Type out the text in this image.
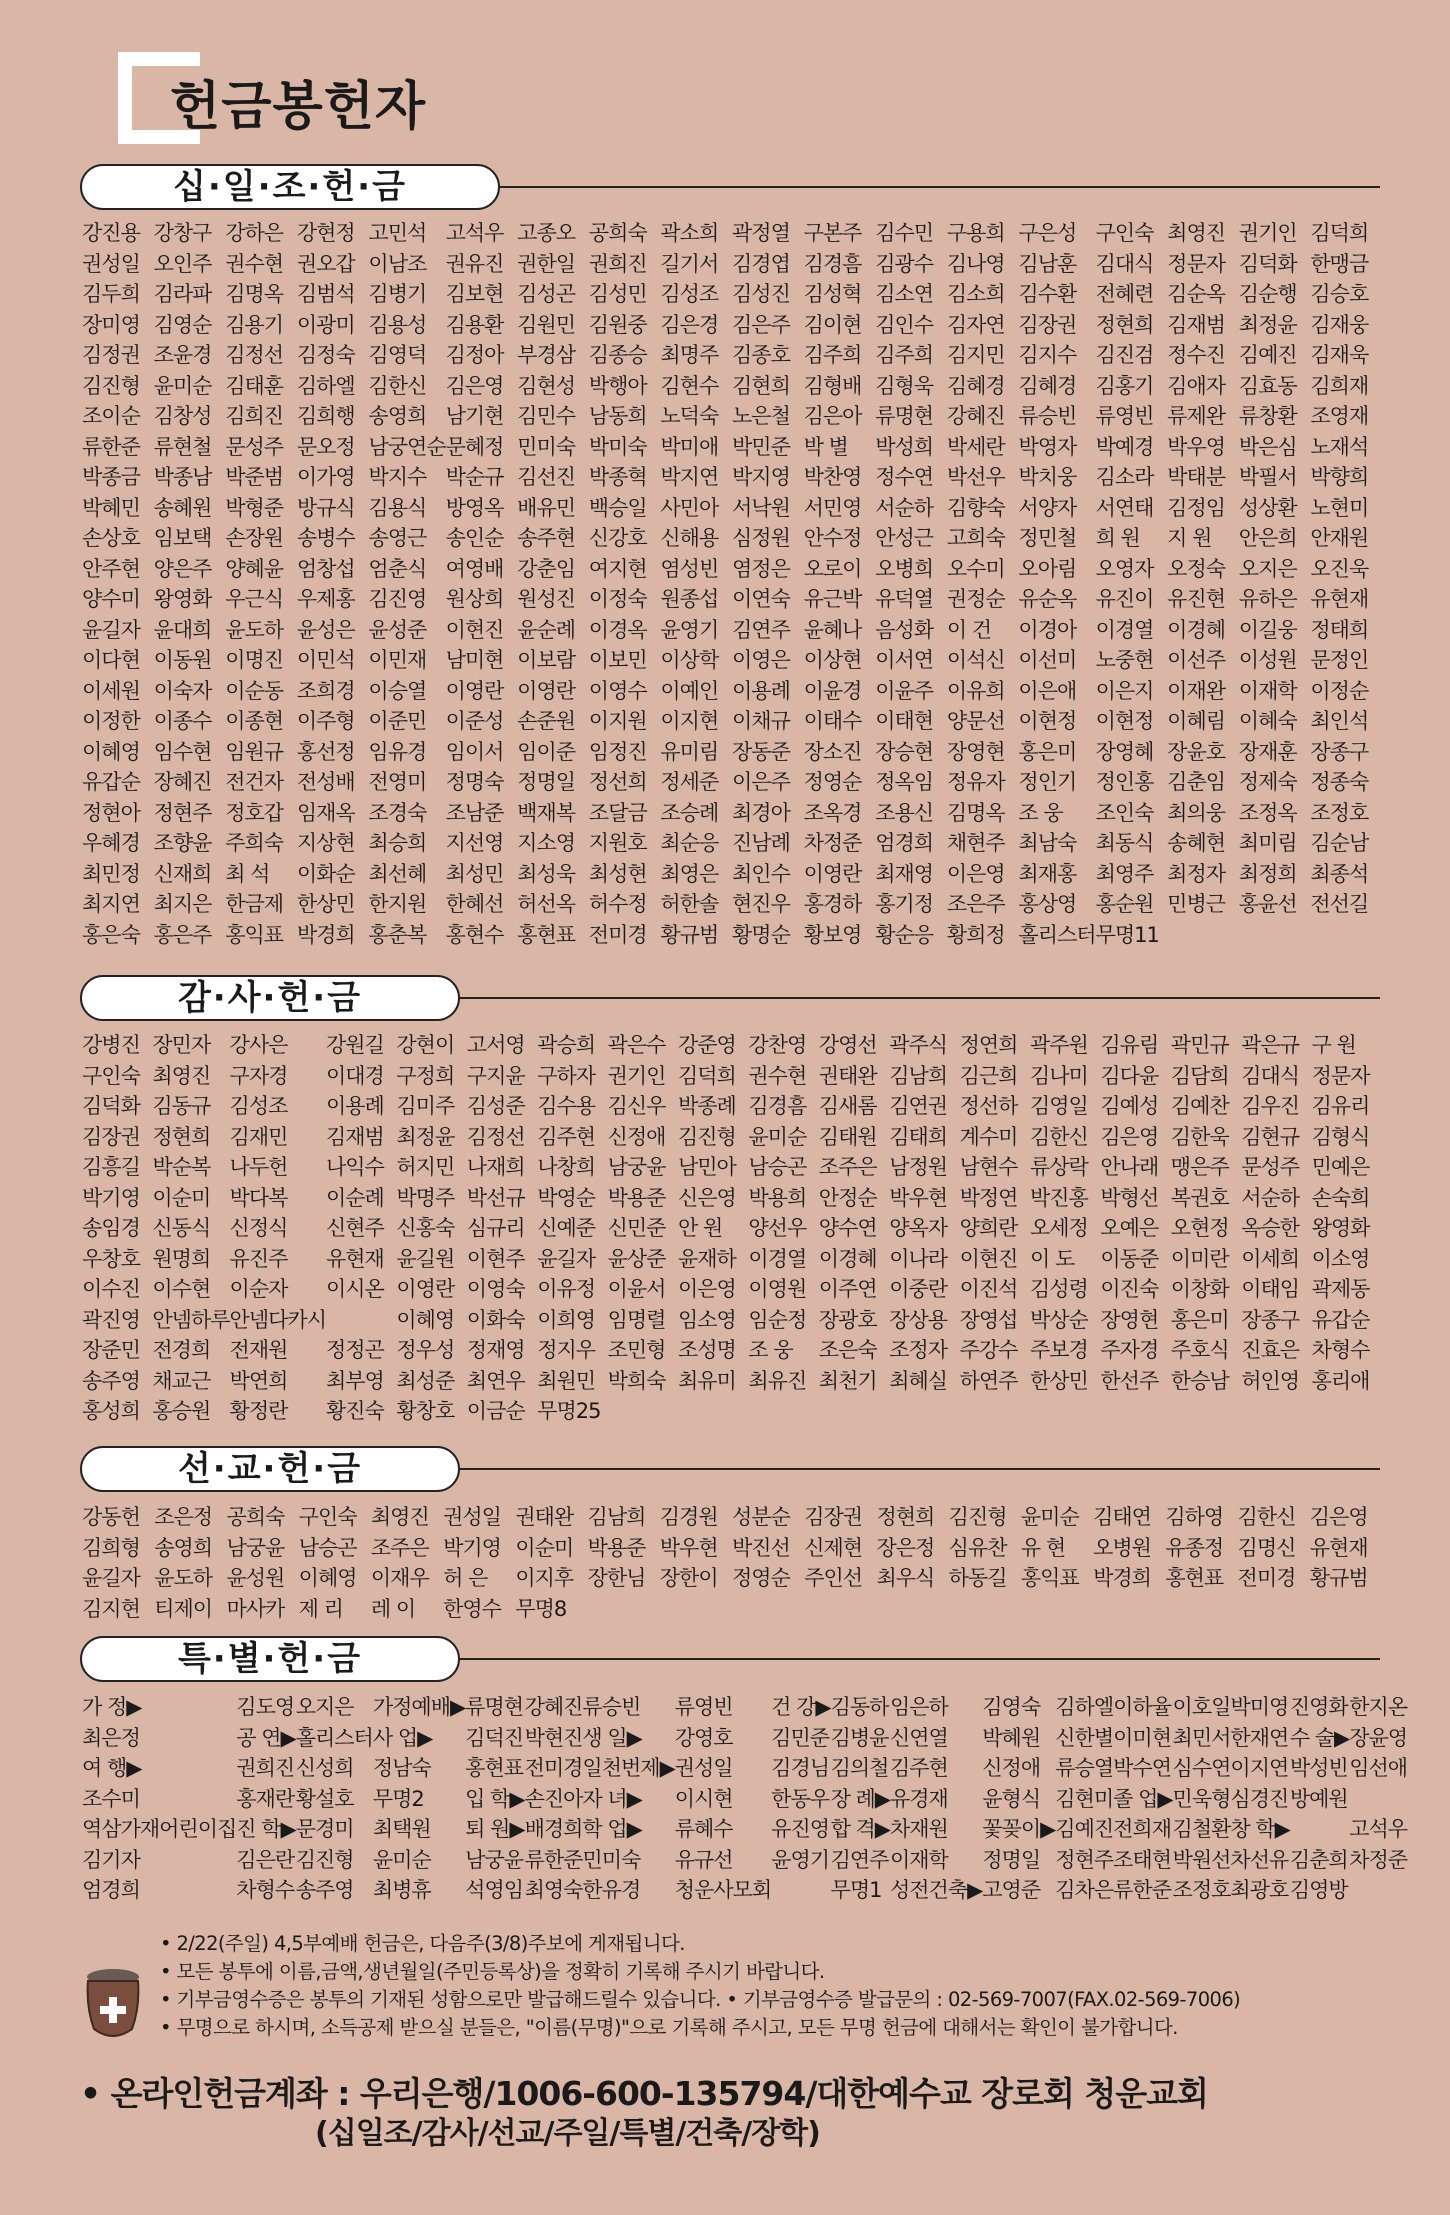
헌금봉헌자
십·일·조·헌·금
강진용 강창구 강하은 강현정 고민석 고석우 고종오 공희숙 곽소희 곽정열 구본주 김수민 구용희 구은성 구인숙 최영진 권기인 김덕희
권성일 오인주 권수현 권오갑 이남조 권유진 권한일 권희진 길기서 김경엽 김경흠 김광수 김나영 김남훈 김대식 정문자 김덕화 한맹금
김두희 김라파 김명옥 김범석 김병기 김보현 김성곤 김성민 김성조 김성진 김성혁 김소연 김소희 김수환 전혜련 김순옥 김순행 김승호
장미영 김영순 김용기 이광미 김용성 김용환 김원민 김원중 김은경 김은주 김이현 김인수 김자연 김장권 정현희 김재범 최정윤 김재웅
김정권 조윤경 김정선 김정숙 김영덕 김정아 부경삼 김종승 최명주 김종호 김주희 김주희 김지민 김지수 김진검 정수진 김예진 김재욱
김진형 윤미순 김태훈 김하엘 김한신 김은영 김현성 박행아 김현수 김현희 김형배 김형욱 김혜경 김혜경 김홍기 김애자 김효동 김희재
조이순 김창성 김희진 김희행 송영희 남기현 김민수 남동희 노덕숙 노은철 김은아 류명현 강혜진 류승빈 류영빈 류제완 류창환 조영재
류한준 류현철 문성주 문오정 남궁연순 문혜정 민미숙 박미숙 박미애 박민준 박 별	박성희 박세란 박영자 박예경 박우영 박은심 노재석
박종금 박종남 박준범 이가영 박지수 박순규 김선진 박종혁 박지연 박지영 박찬영 정수연 박선우 박치웅 김소라 박태분 박필서 박향희
박혜민 송혜원 박형준 방규식 김용식 방영옥 배유민 백승일 사민아 서낙원 서민영 서순하 김향숙 서양자 서연태 김정임 성상환 노현미
손상호 임보택 손장원 송병수 송영근 송인순 송주현 신강호 신해용 심정원 안수정 안성근 고희숙 정민철 희 원	지 원	안은희 안재원
안주현 양은주 양혜윤 엄창섭 엄춘식 여영배 강춘임 여지현 염성빈 염정은 오로이 오병희 오수미 오아림 오영자 오정숙 오지은 오진욱
양수미 왕영화 우근식 우제홍 김진영 원상희 원성진 이정숙 원종섭 이연숙 유근박 유덕열 권정순 유순옥 유진이 유진현 유하은 유현재
윤길자 윤대희 윤도하 윤성은 윤성준 이현진 윤순례 이경옥 윤영기 김연주 윤혜나 음성화 이 건	이경아 이경열 이경혜 이길웅 정태희
이다현 이동원 이명진 이민석 이민재 남미현 이보람 이보민 이상학 이영은 이상현 이서연 이석신 이선미 노중현 이선주 이성원 문정인
이세원 이숙자 이순동 조희경 이승열 이영란 이영란 이영수 이예인 이용례 이윤경 이윤주 이유희 이은애 이은지 이재완 이재학 이정순
이정한 이종수 이종현 이주형 이준민 이준성 손준원 이지원 이지현 이채규 이태수 이태현 양문선 이현정 이현정 이혜림 이혜숙 최인석
이혜영 임수현 임원규 홍선정 임유경 임이서 임이준 임정진 유미림 장동준 장소진 장승현 장영현 홍은미 장영혜 장윤호 장재훈 장종구
유갑순 장혜진 전건자 전성배 전영미 정명숙 정명일 정선희 정세준 이은주 정영순 정옥임 정유자 정인기 정인홍 김춘임 정제숙 정종숙
정현아 정현주 정호갑 임재옥 조경숙 조남준 백재복 조달금 조승례 최경아 조옥경 조용신 김명옥 조 웅	조인숙 최의웅 조정옥 조정호
우혜경 조향윤 주희숙 지상현 최승희 지선영 지소영 지원호 최순응 진남례 차정준 엄경희 채현주 최남숙 최동식 송혜현 최미림 김순남
최민정 신재희 최 석	이화순 최선혜 최성민 최성욱 최성현 최영은 최인수 이영란 최재영 이은영 최재홍 최영주 최정자 최정희 최종석
최지연 최지은 한금제 한상민 한지원 한혜선 허선옥 허수정 허한솔 현진우 홍경하 홍기정 조은주 홍상영 홍순원 민병근 홍윤선 전선길
홍은숙 홍은주 홍익표 박경희 홍춘복 홍현수 홍현표 전미경 황규범 황명순 황보영 황순응 황희정 홀리스터 무명11
감·사·헌·금
강병진 장민자 강사은	강원길 강현이 고서영 곽승희 곽은수 강준영 강찬영 강영선 곽주식 정연희 곽주원 김유림 곽민규 곽은규 구 원
구인숙 최영진 구자경	이대경 구정희 구지윤 구하자 권기인 김덕희 권수현 권태완 김남희 김근희 김나미 김다윤 김담희 김대식 정문자
김덕화 김동규 김성조	이용례 김미주 김성준 김수용 김신우 박종례 김경흠 김새롬 김연권 정선하 김영일 김예성 김예찬 김우진 김유리
김장권 정현희 김재민	김재범 최정윤 김정선 김주현 신정애 김진형 윤미순 김태원 김태희 계수미 김한신 김은영 김한욱 김현규 김형식
김흥길 박순복 나두헌	나익수 허지민 나재희 나창희 남궁윤 남민아 남승곤 조주은 남정원 남현수 류상락 안나래 맹은주 문성주 민예은
박기영 이순미 박다복	이순례 박명주 박선규 박영순 박용준 신은영 박용희 안정순 박우현 박정연 박진홍 박형선 복권호 서순하 손숙희
송임경 신동식 신정식	신현주 신홍숙 심규리 신예준 신민준 안 원	양선우 양수연 양옥자 양희란 오세정 오예은 오현정 옥승한 왕영화
우창호 원명희 유진주	유현재 윤길원 이현주 윤길자 윤상준 윤재하 이경열 이경혜 이나라 이현진 이 도	이동준 이미란 이세희 이소영
이수진 이수현 이순자	이시온 이영란 이영숙 이유정 이윤서 이은영 이영원 이주연 이중란 이진석 김성령 이진숙 이창화 이태임 곽제동
곽진영 안넴하루 안넴다카시	이혜영 이화숙 이희영 임명렬 임소영 임순정 장광호 장상용 장영섭 박상순 장영현 홍은미 장종구 유갑순
장준민 전경희 전재원	정정곤 정우성 정재영 정지우 조민형 조성명 조 웅	조은숙 조정자 주강수 주보경 주자경 주호식 진효은 차형수
송주영 채교근 박연희	최부영 최성준 최연우 최원민 박희숙 최유미 최유진 최천기 최혜실 하연주 한상민 한선주 한승남 허인영 홍리애
홍성희 홍승원 황정란	황진숙 황창호 이금순 무명25
선·교·헌·금
강동헌 조은정 공희숙 구인숙 최영진 권성일 권태완 김남희 김경원 성분순 김장권 정현희 김진형 윤미순 김태연 김하영 김한신 김은영
김희형 송영희 남궁윤 남승곤 조주은 박기영 이순미 박용준 박우현 박진선 신제현 장은정 심유찬 유 현	오병원 유종정 김명신 유현재
윤길자 윤도하 윤성원 이혜영 이재우 허 은	이지후 장한님 장한이 정영순 주인선 최우식 하동길 홍익표 박경희 홍현표 전미경 황규범
김지현 티제이 마사카 제 리	레 이	한영수 무명8
특·별·헌·금
가 정▶	김도영 오지은 가정예배▶ 류명현 강혜진 류승빈	류영빈	건 강▶ 김동하 임은하	김영숙 김하엘 이하율 이호일 박미영 진영화 한지온
최은정	공 연▶ 홀리스터 사 업▶	김덕진 박현진 생 일▶	강영호	김민준 김병윤 신연열	박혜원 신한별 이미현 최민서 한재연 수 술▶ 장윤영
여 행▶	권희진 신성희 정남숙	홍현표 전미경 일천번제▶ 권성일	김경님 김의철 김주현	신정애 류승열 박수연 심수연 이지연 박성빈 임선애
조수미	홍재란 황설호 무명2	입 학▶ 손진아 자 녀▶	이시현	한동우 장 례▶ 유경재	윤형식 김현미 졸 업▶ 민욱형 심경진 방예원
역삼가재어린이집 진 학▶ 문경미 최택원	퇴 원▶ 배경희 학 업▶	류혜수	유진영 합 격▶ 차재원	꽃꽂이▶ 김예진 전희재 김철환 창 학▶	고석우
김기자	김은란 김진형 윤미순	남궁윤 류한준 민미숙	유규선	윤영기 김연주 이재학	정명일 정현주 조태현 박원선 차선유 김춘희 차정준
엄경희	차형수 송주영 최병휴	석영임 최영숙 한유경	청운사모회	무명1 성전건축▶ 고영준 김차은 류한준 조정호 최광호 김영방
• 2/22(주일) 4,5부예배 헌금은, 다음주(3/8)주보에 게재됩니다.
• 모든 봉투에 이름,금액,생년월일(주민등록상)을 정확히 기록해 주시기 바랍니다.
• 기부금영수증은 봉투의 기재된 성함으로만 발급해드릴수 있습니다. • 기부금영수증 발급문의 : 02-569-7007(FAX.02-569-7006)
• 무명으로 하시며, 소득공제 받으실 분들은, "이름(무명)"으로 기록해 주시고, 모든 무명 헌금에 대해서는 확인이 불가합니다.
• 온라인헌금계좌 : 우리은행/1006-600-135794/대한예수교 장로회 청운교회
(십일조/감사/선교/주일/특별/건축/장학)
